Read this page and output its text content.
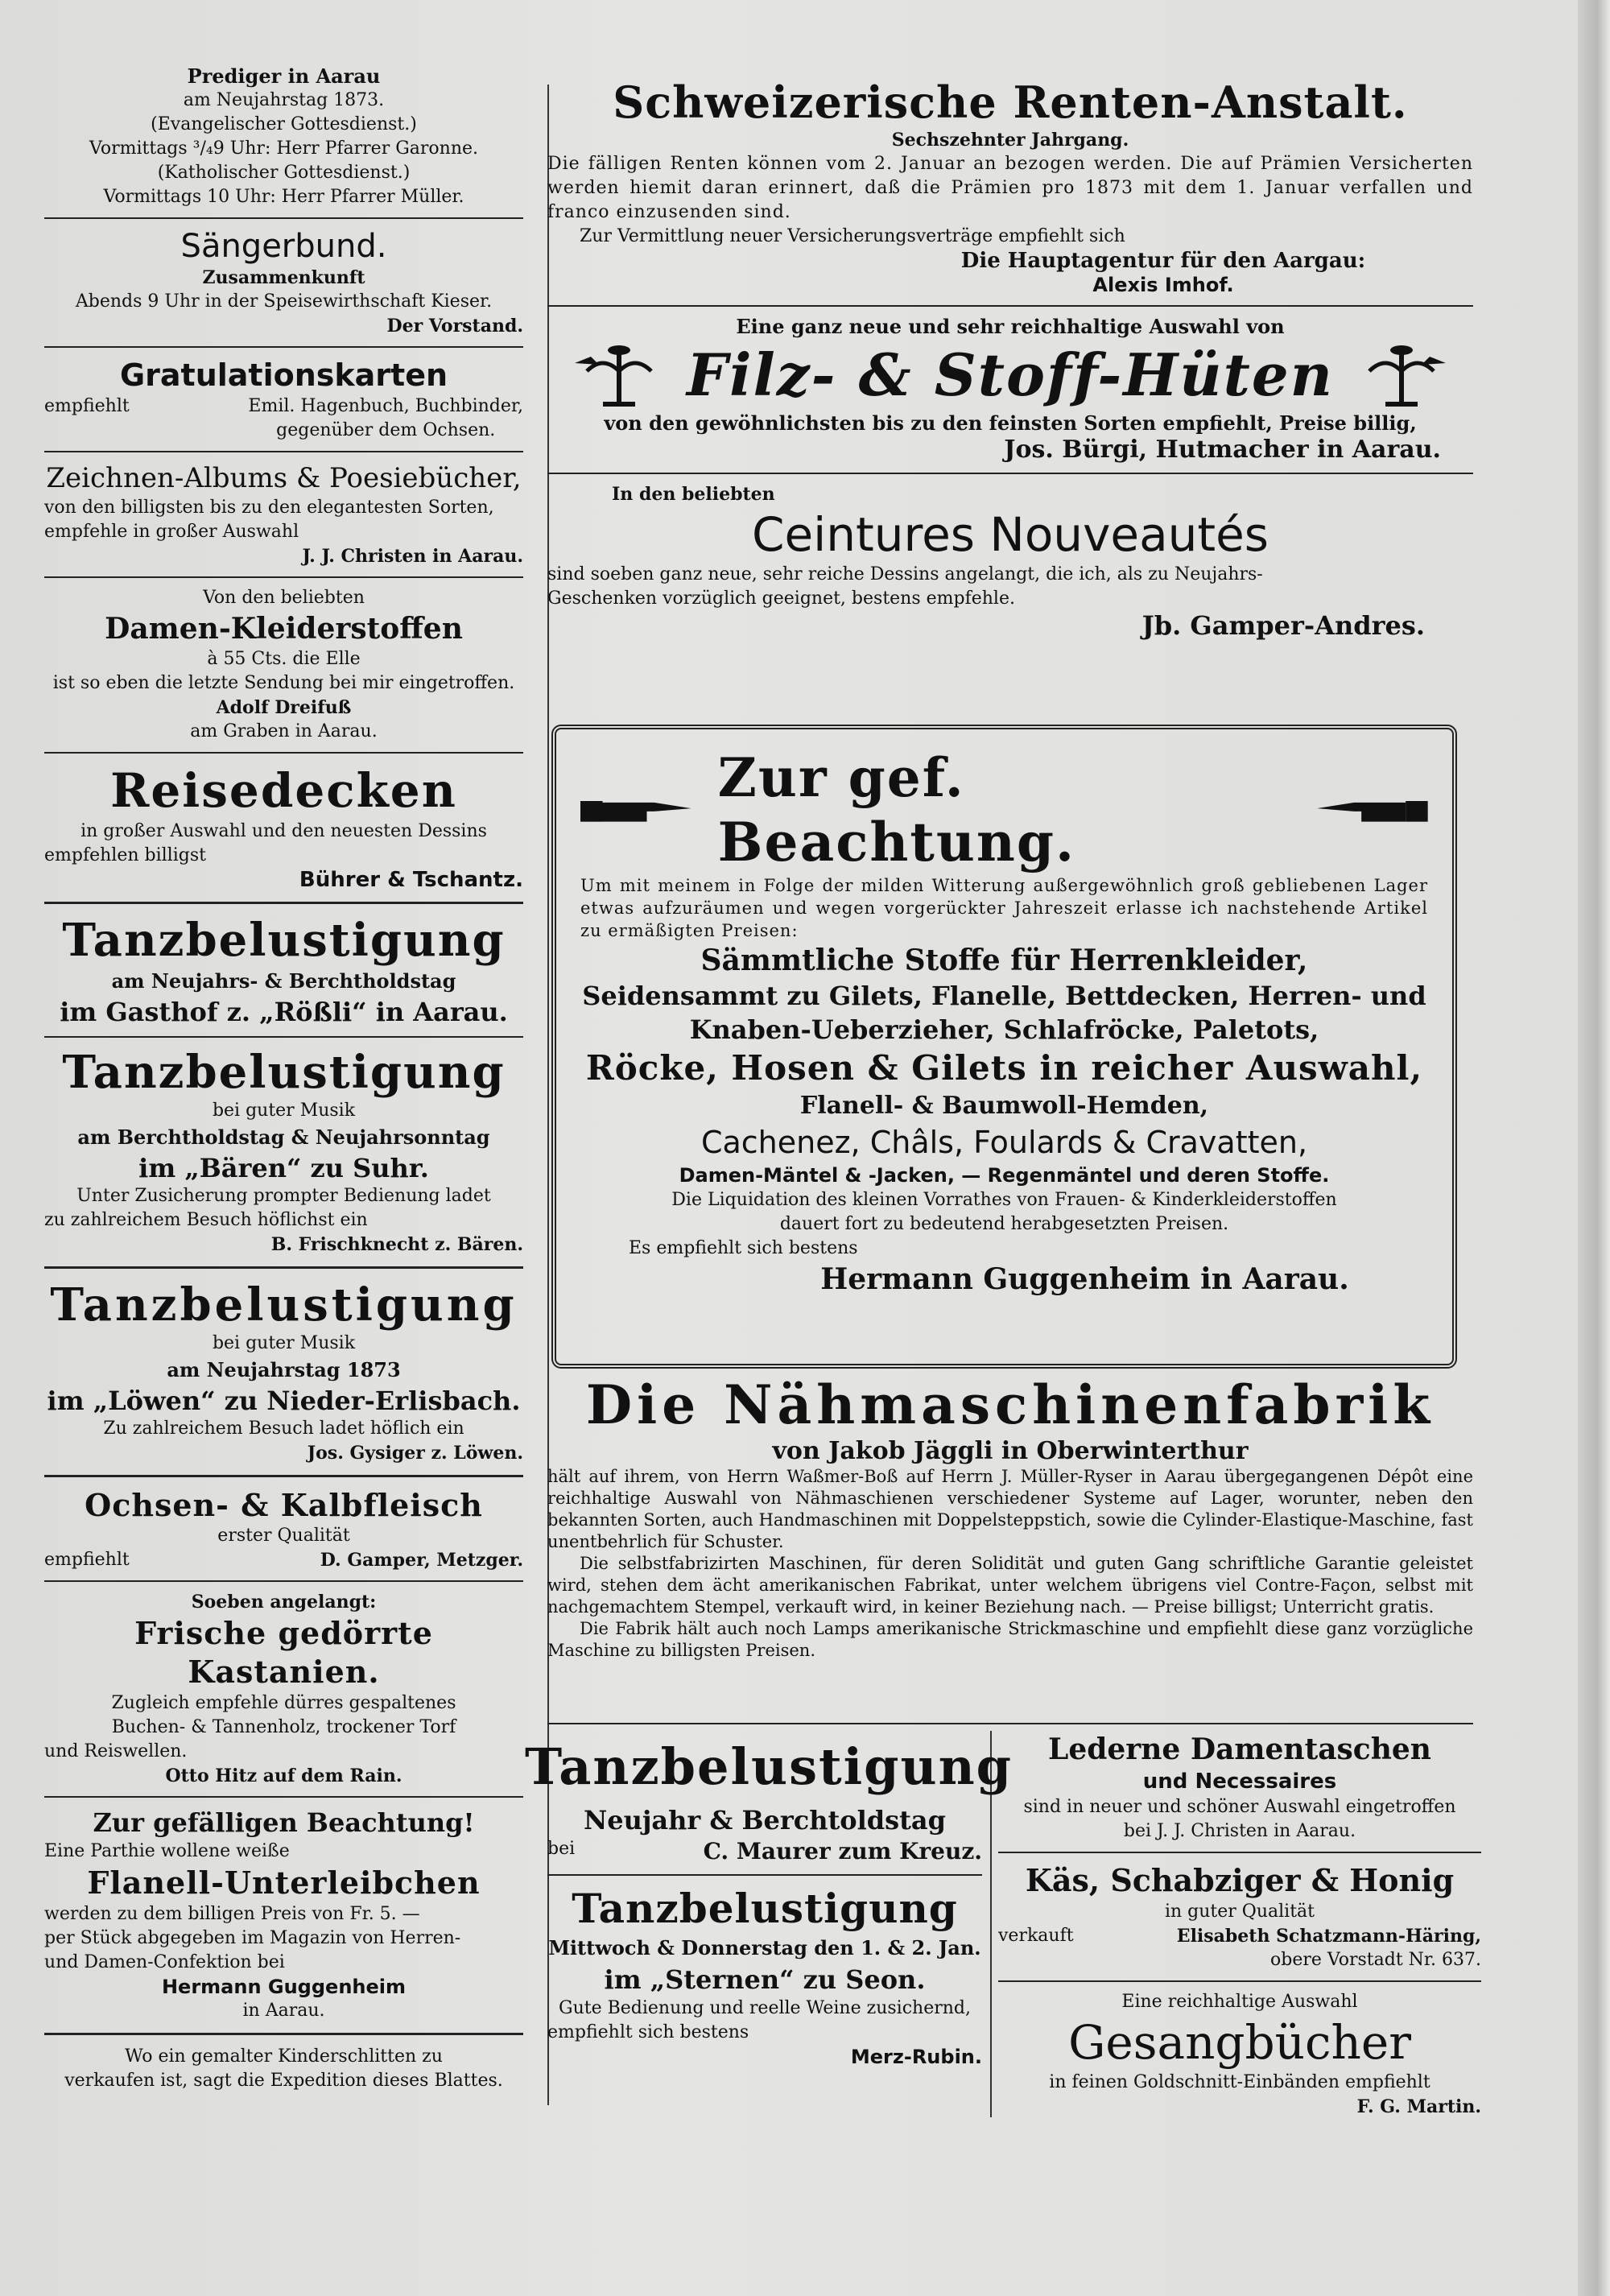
Prediger in Aarau
am Neujahrstag 1873.
(Evangelischer Gottesdienst.)
Vormittags ³/₄9 Uhr: Herr Pfarrer Garonne.
(Katholischer Gottesdienst.)
Vormittags 10 Uhr: Herr Pfarrer Müller.
Sängerbund.
Zusammenkunft
Abends 9 Uhr in der Speisewirthschaft Kieser.
Der Vorstand.
Gratulationskarten
empfiehlt	Emil. Hagenbuch, Buchbinder,
gegenüber dem Ochsen.
Zeichnen-Albums & Poesiebücher,
von den billigsten bis zu den elegantesten Sorten,
empfehle in großer Auswahl
J. J. Christen in Aarau.
Von den beliebten
Damen-Kleiderstoffen
à 55 Cts. die Elle
ist so eben die letzte Sendung bei mir eingetroffen.
Adolf Dreifuß
am Graben in Aarau.
Reisedecken
in großer Auswahl und den neuesten Dessins
empfehlen billigst
Bührer & Tschantz.
Tanzbelustigung
am Neujahrs- & Berchtholdstag
im Gasthof z. „Rößli“ in Aarau.
Tanzbelustigung
bei guter Musik
am Berchtholdstag & Neujahrsonntag
im „Bären“ zu Suhr.
Unter Zusicherung prompter Bedienung ladet
zu zahlreichem Besuch höflichst ein
B. Frischknecht z. Bären.
Tanzbelustigung
bei guter Musik
am Neujahrstag 1873
im „Löwen“ zu Nieder-Erlisbach.
Zu zahlreichem Besuch ladet höflich ein
Jos. Gysiger z. Löwen.
Ochsen- & Kalbfleisch
erster Qualität
empfiehlt	D. Gamper, Metzger.
Soeben angelangt:
Frische gedörrte Kastanien.
Zugleich empfehle dürres gespaltenes
Buchen- & Tannenholz, trockener Torf
und Reiswellen.
Otto Hitz auf dem Rain.
Zur gefälligen Beachtung!
Eine Parthie wollene weiße
Flanell-Unterleibchen
werden zu dem billigen Preis von Fr. 5. —
per Stück abgegeben im Magazin von Herren-
und Damen-Confektion bei
Hermann Guggenheim
in Aarau.
Wo ein gemalter Kinderschlitten zu
verkaufen ist, sagt die Expedition dieses Blattes.
Schweizerische Renten-Anstalt.
Sechszehnter Jahrgang.
Die fälligen Renten können vom 2. Januar an bezogen werden. Die auf Prämien Versicherten werden hiemit daran erinnert, daß die Prämien pro 1873 mit dem 1. Januar verfallen und franco einzusenden sind.
Zur Vermittlung neuer Versicherungsverträge empfiehlt sich
Die Hauptagentur für den Aargau:
Alexis Imhof.
Eine ganz neue und sehr reichhaltige Auswahl von
Filz- & Stoff-Hüten
von den gewöhnlichsten bis zu den feinsten Sorten empfiehlt, Preise billig,
Jos. Bürgi, Hutmacher in Aarau.
In den beliebten
Ceintures Nouveautés
sind soeben ganz neue, sehr reiche Dessins angelangt, die ich, als zu Neujahrs-
Geschenken vorzüglich geeignet, bestens empfehle.
Jb. Gamper-Andres.
Zur gef. Beachtung.
Um mit meinem in Folge der milden Witterung außergewöhnlich groß gebliebenen Lager etwas aufzuräumen und wegen vorgerückter Jahreszeit erlasse ich nachstehende Artikel zu ermäßigten Preisen:
Sämmtliche Stoffe für Herrenkleider,
Seidensammt zu Gilets, Flanelle, Bettdecken, Herren- und
Knaben-Ueberzieher, Schlafröcke, Paletots,
Röcke, Hosen & Gilets in reicher Auswahl,
Flanell- & Baumwoll-Hemden,
Cachenez, Châls, Foulards & Cravatten,
Damen-Mäntel & -Jacken, — Regenmäntel und deren Stoffe.
Die Liquidation des kleinen Vorrathes von Frauen- & Kinderkleiderstoffen
dauert fort zu bedeutend herabgesetzten Preisen.
Es empfiehlt sich bestens
Hermann Guggenheim in Aarau.
Die Nähmaschinenfabrik
von Jakob Jäggli in Oberwinterthur
hält auf ihrem, von Herrn Waßmer-Boß auf Herrn J. Müller-Ryser in Aarau übergegangenen Dépôt eine reichhaltige Auswahl von Nähmaschienen verschiedener Systeme auf Lager, worunter, neben den bekannten Sorten, auch Handmaschinen mit Doppelsteppstich, sowie die Cylinder-Elastique-Maschine, fast unentbehrlich für Schuster.
Die selbstfabrizirten Maschinen, für deren Solidität und guten Gang schriftliche Garantie geleistet wird, stehen dem ächt amerikanischen Fabrikat, unter welchem übrigens viel Contre-Façon, selbst mit nachgemachtem Stempel, verkauft wird, in keiner Beziehung nach. — Preise billigst; Unterricht gratis.
Die Fabrik hält auch noch Lamps amerikanische Strickmaschine und empfiehlt diese ganz vorzügliche Maschine zu billigsten Preisen.
Tanzbelustigung
Neujahr & Berchtoldstag
bei	C. Maurer zum Kreuz.
Tanzbelustigung
Mittwoch & Donnerstag den 1. & 2. Jan.
im „Sternen“ zu Seon.
Gute Bedienung und reelle Weine zusichernd,
empfiehlt sich bestens
Merz-Rubin.
Lederne Damentaschen
und Necessaires
sind in neuer und schöner Auswahl eingetroffen
bei J. J. Christen in Aarau.
Käs, Schabziger & Honig
in guter Qualität
verkauft	Elisabeth Schatzmann-Häring,
obere Vorstadt Nr. 637.
Eine reichhaltige Auswahl
Gesangbücher
in feinen Goldschnitt-Einbänden empfiehlt
F. G. Martin.
